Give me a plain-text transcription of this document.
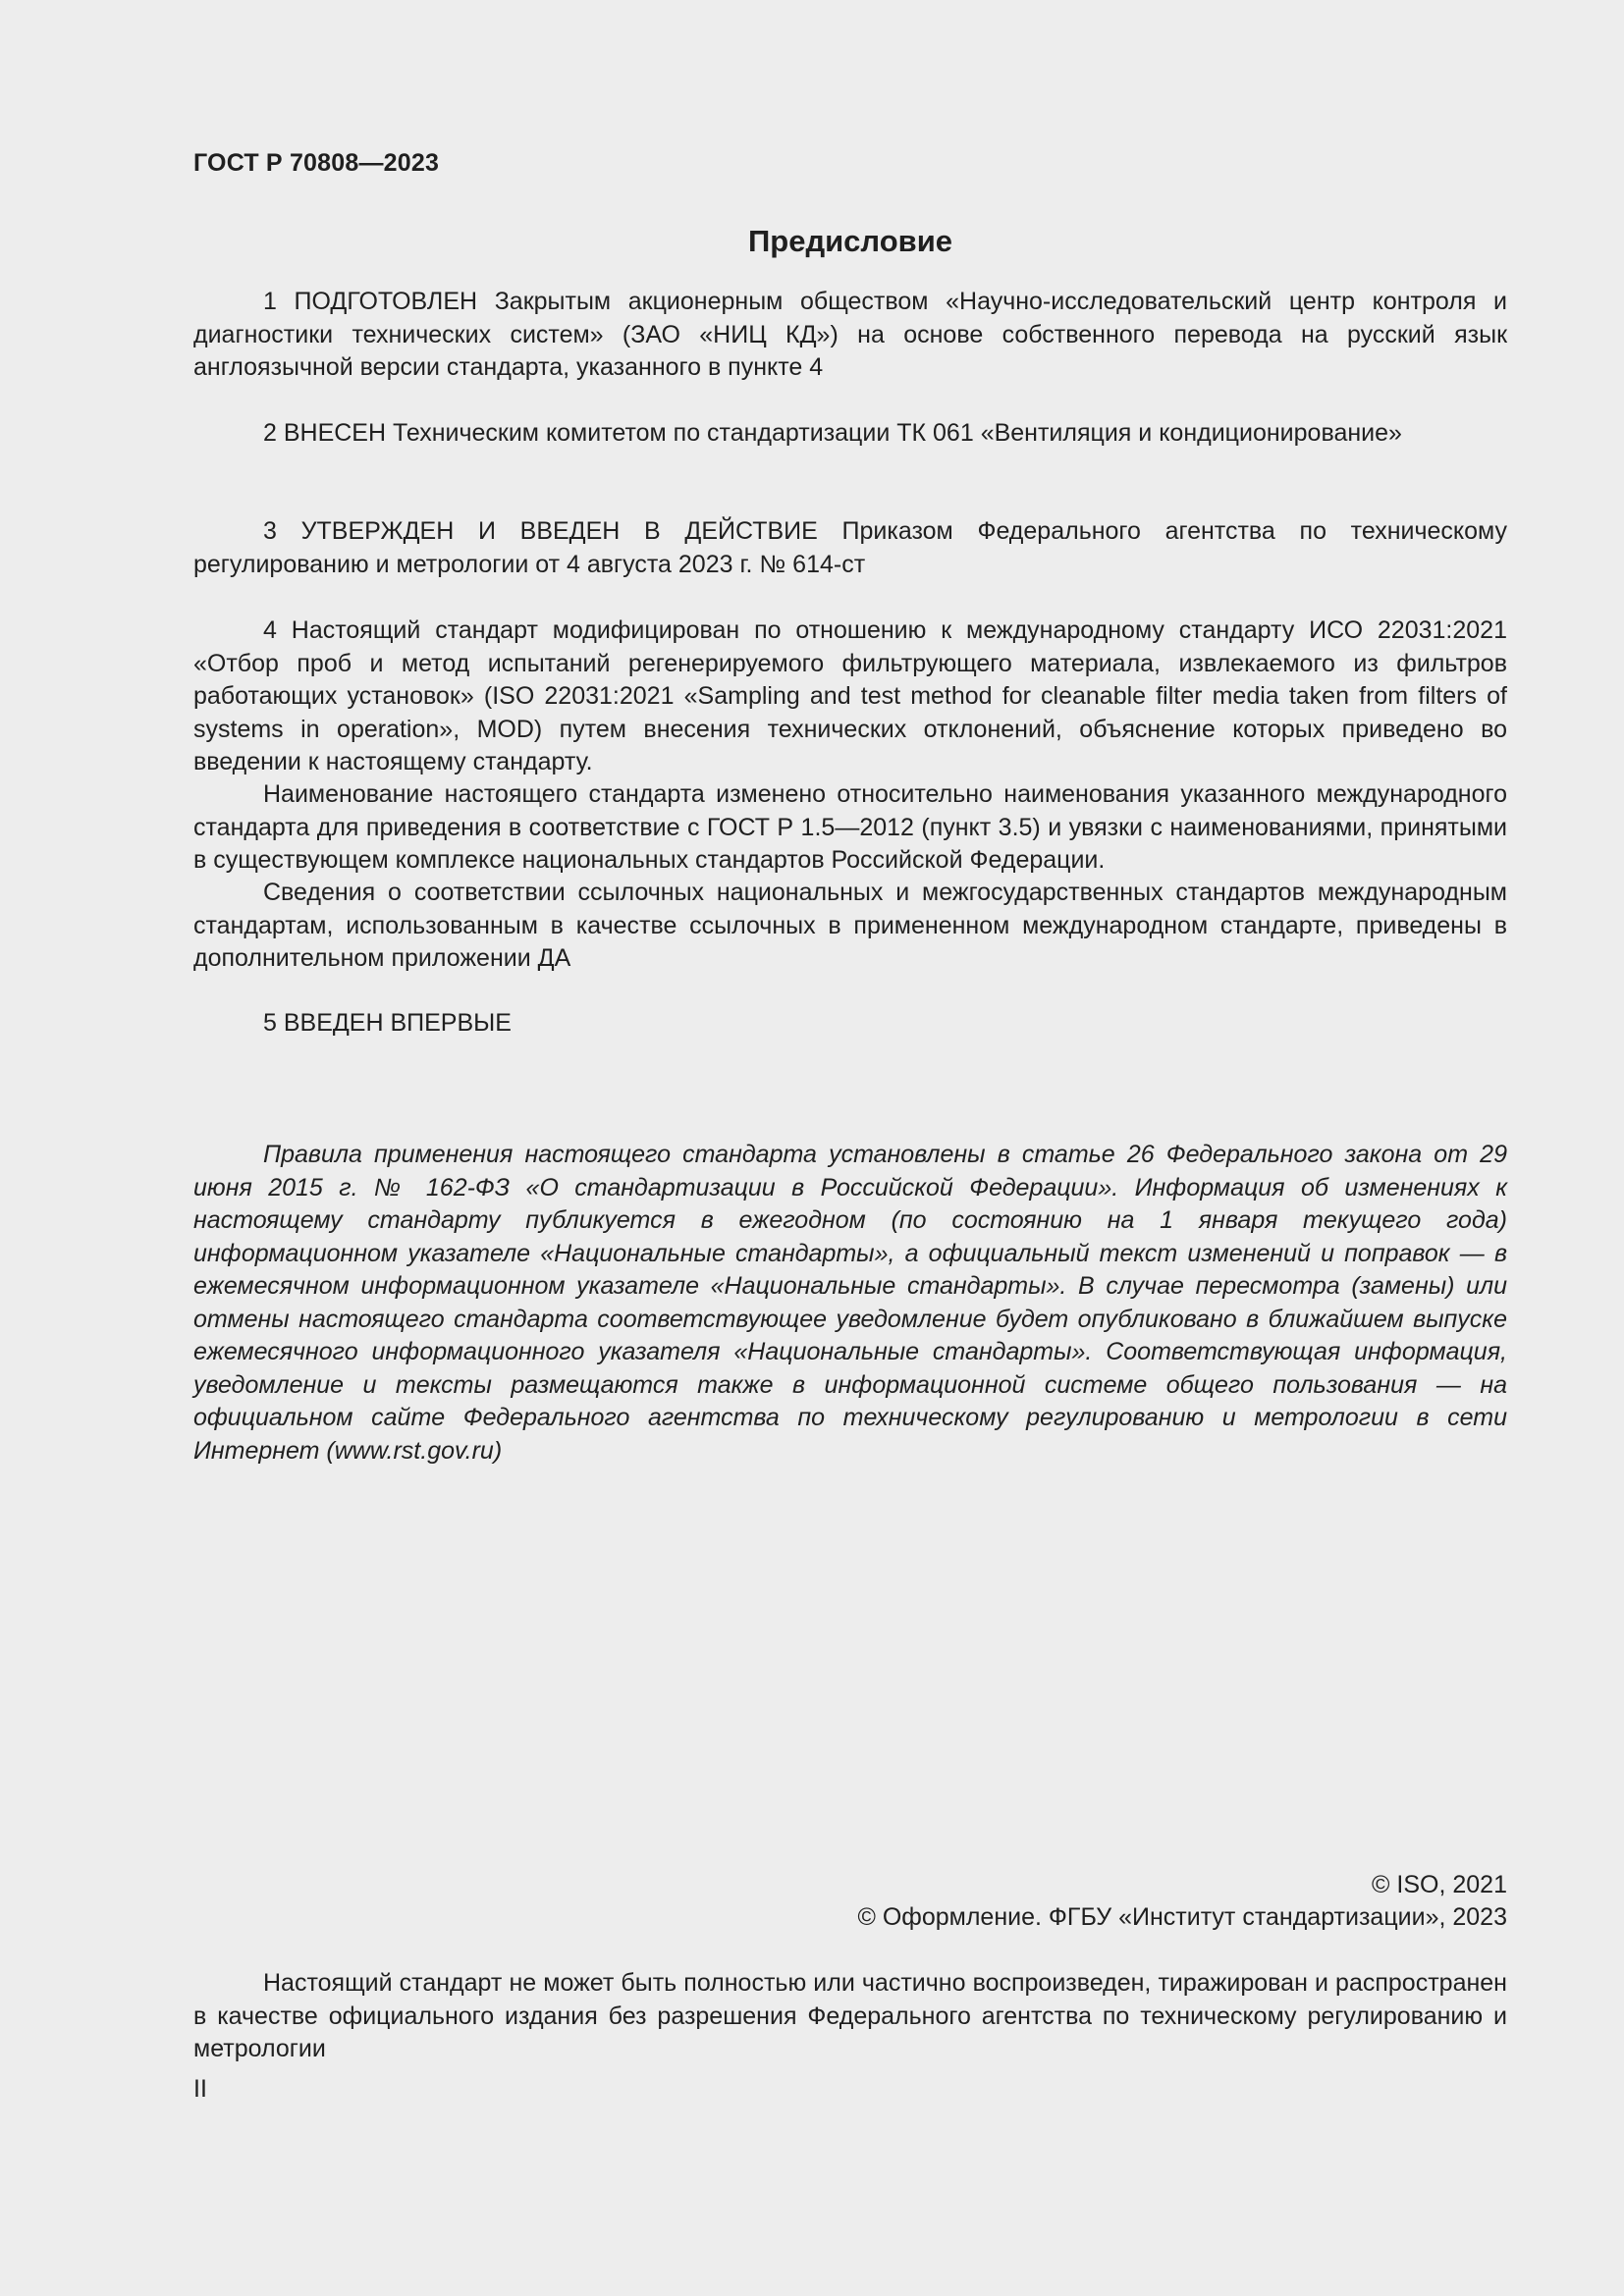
ГОСТ Р 70808—2023
Предисловие

1 ПОДГОТОВЛЕН Закрытым акционерным обществом «Научно-исследовательский центр контроля и диагностики технических систем» (ЗАО «НИЦ КД») на основе собственного перевода на русский язык англоязычной версии стандарта, указанного в пункте 4

2 ВНЕСЕН Техническим комитетом по стандартизации ТК 061 «Вентиляция и кондиционирование»

3 УТВЕРЖДЕН И ВВЕДЕН В ДЕЙСТВИЕ Приказом Федерального агентства по техническому регулированию и метрологии от 4 августа 2023 г. № 614-ст

4 Настоящий стандарт модифицирован по отношению к международному стандарту ИСО 22031:2021 «Отбор проб и метод испытаний регенерируемого фильтрующего материала, извлекаемого из фильтров работающих установок» (ISO 22031:2021 «Sampling and test method for cleanable filter media taken from filters of systems in operation», MOD) путем внесения технических отклонений, объяснение которых приведено во введении к настоящему стандарту.

Наименование настоящего стандарта изменено относительно наименования указанного международного стандарта для приведения в соответствие с ГОСТ Р 1.5—2012 (пункт 3.5) и увязки с наименованиями, принятыми в существующем комплексе национальных стандартов Российской Федерации.

Сведения о соответствии ссылочных национальных и межгосударственных стандартов международным стандартам, использованным в качестве ссылочных в примененном международном стандарте, приведены в дополнительном приложении ДА

5 ВВЕДЕН ВПЕРВЫЕ

Правила применения настоящего стандарта установлены в статье 26 Федерального закона от 29 июня 2015 г. № 162-ФЗ «О стандартизации в Российской Федерации». Информация об изменениях к настоящему стандарту публикуется в ежегодном (по состоянию на 1 января текущего года) информационном указателе «Национальные стандарты», а официальный текст изменений и поправок — в ежемесячном информационном указателе «Национальные стандарты». В случае пересмотра (замены) или отмены настоящего стандарта соответствующее уведомление будет опубликовано в ближайшем выпуске ежемесячного информационного указателя «Национальные стандарты». Соответствующая информация, уведомление и тексты размещаются также в информационной системе общего пользования — на официальном сайте Федерального агентства по техническому регулированию и метрологии в сети Интернет (www.rst.gov.ru)

© ISO, 2021
© Оформление. ФГБУ «Институт стандартизации», 2023

Настоящий стандарт не может быть полностью или частично воспроизведен, тиражирован и распространен в качестве официального издания без разрешения Федерального агентства по техническому регулированию и метрологии

II
